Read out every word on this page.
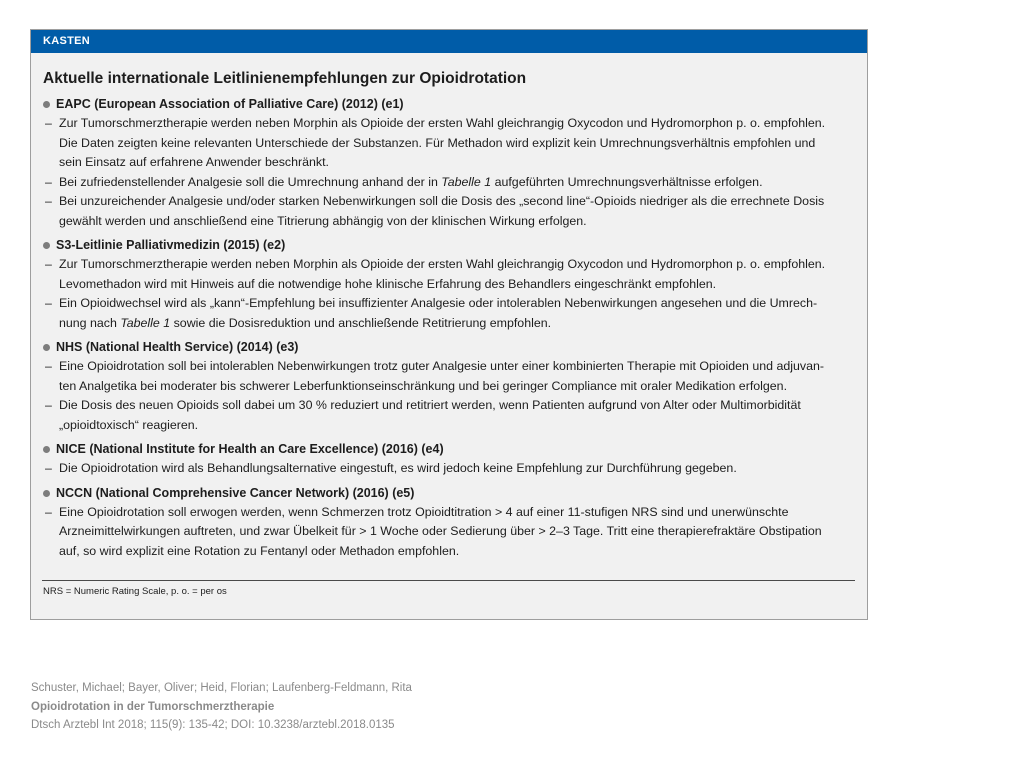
KASTEN
Aktuelle internationale Leitlinienempfehlungen zur Opioidrotation
EAPC (European Association of Palliative Care) (2012) (e1)
– Zur Tumorschmerztherapie werden neben Morphin als Opioide der ersten Wahl gleichrangig Oxycodon und Hydromorphon p. o. empfohlen.
Die Daten zeigten keine relevanten Unterschiede der Substanzen. Für Methadon wird explizit kein Umrechnungsverhältnis empfohlen und
sein Einsatz auf erfahrene Anwender beschränkt.
– Bei zufriedenstellender Analgesie soll die Umrechnung anhand der in Tabelle 1 aufgeführten Umrechnungsverhältnisse erfolgen.
– Bei unzureichender Analgesie und/oder starken Nebenwirkungen soll die Dosis des „second line“-Opioids niedriger als die errechnete Dosis
gewählt werden und anschließend eine Titrierung abhängig von der klinischen Wirkung erfolgen.
S3-Leitlinie Palliativmedizin (2015) (e2)
– Zur Tumorschmerztherapie werden neben Morphin als Opioide der ersten Wahl gleichrangig Oxycodon und Hydromorphon p. o. empfohlen.
Levomethadon wird mit Hinweis auf die notwendige hohe klinische Erfahrung des Behandlers eingeschränkt empfohlen.
– Ein Opioidwechsel wird als „kann“-Empfehlung bei insuffizienter Analgesie oder intolerablen Nebenwirkungen angesehen und die Umrech-
nung nach Tabelle 1 sowie die Dosisreduktion und anschließende Retitrierung empfohlen.
NHS (National Health Service) (2014) (e3)
– Eine Opioidrotation soll bei intolerablen Nebenwirkungen trotz guter Analgesie unter einer kombinierten Therapie mit Opioiden und adjuvan-
ten Analgetika bei moderater bis schwerer Leberfunktionseinschränkung und bei geringer Compliance mit oraler Medikation erfolgen.
– Die Dosis des neuen Opioids soll dabei um 30 % reduziert und retitriert werden, wenn Patienten aufgrund von Alter oder Multimorbidität
„opioidtoxisch“ reagieren.
NICE (National Institute for Health an Care Excellence) (2016) (e4)
– Die Opioidrotation wird als Behandlungsalternative eingestuft, es wird jedoch keine Empfehlung zur Durchführung gegeben.
NCCN (National Comprehensive Cancer Network) (2016) (e5)
– Eine Opioidrotation soll erwogen werden, wenn Schmerzen trotz Opioidtitration > 4 auf einer 11-stufigen NRS sind und unerwünschte
Arzneimittelwirkungen auftreten, und zwar Übelkeit für > 1 Woche oder Sedierung über > 2–3 Tage. Tritt eine therapierefraktäre Obstipation
auf, so wird explizit eine Rotation zu Fentanyl oder Methadon empfohlen.
NRS = Numeric Rating Scale, p. o. = per os
Schuster, Michael; Bayer, Oliver; Heid, Florian; Laufenberg-Feldmann, Rita
Opioidrotation in der Tumorschmerztherapie
Dtsch Arztebl Int 2018; 115(9): 135-42; DOI: 10.3238/arztebl.2018.0135
